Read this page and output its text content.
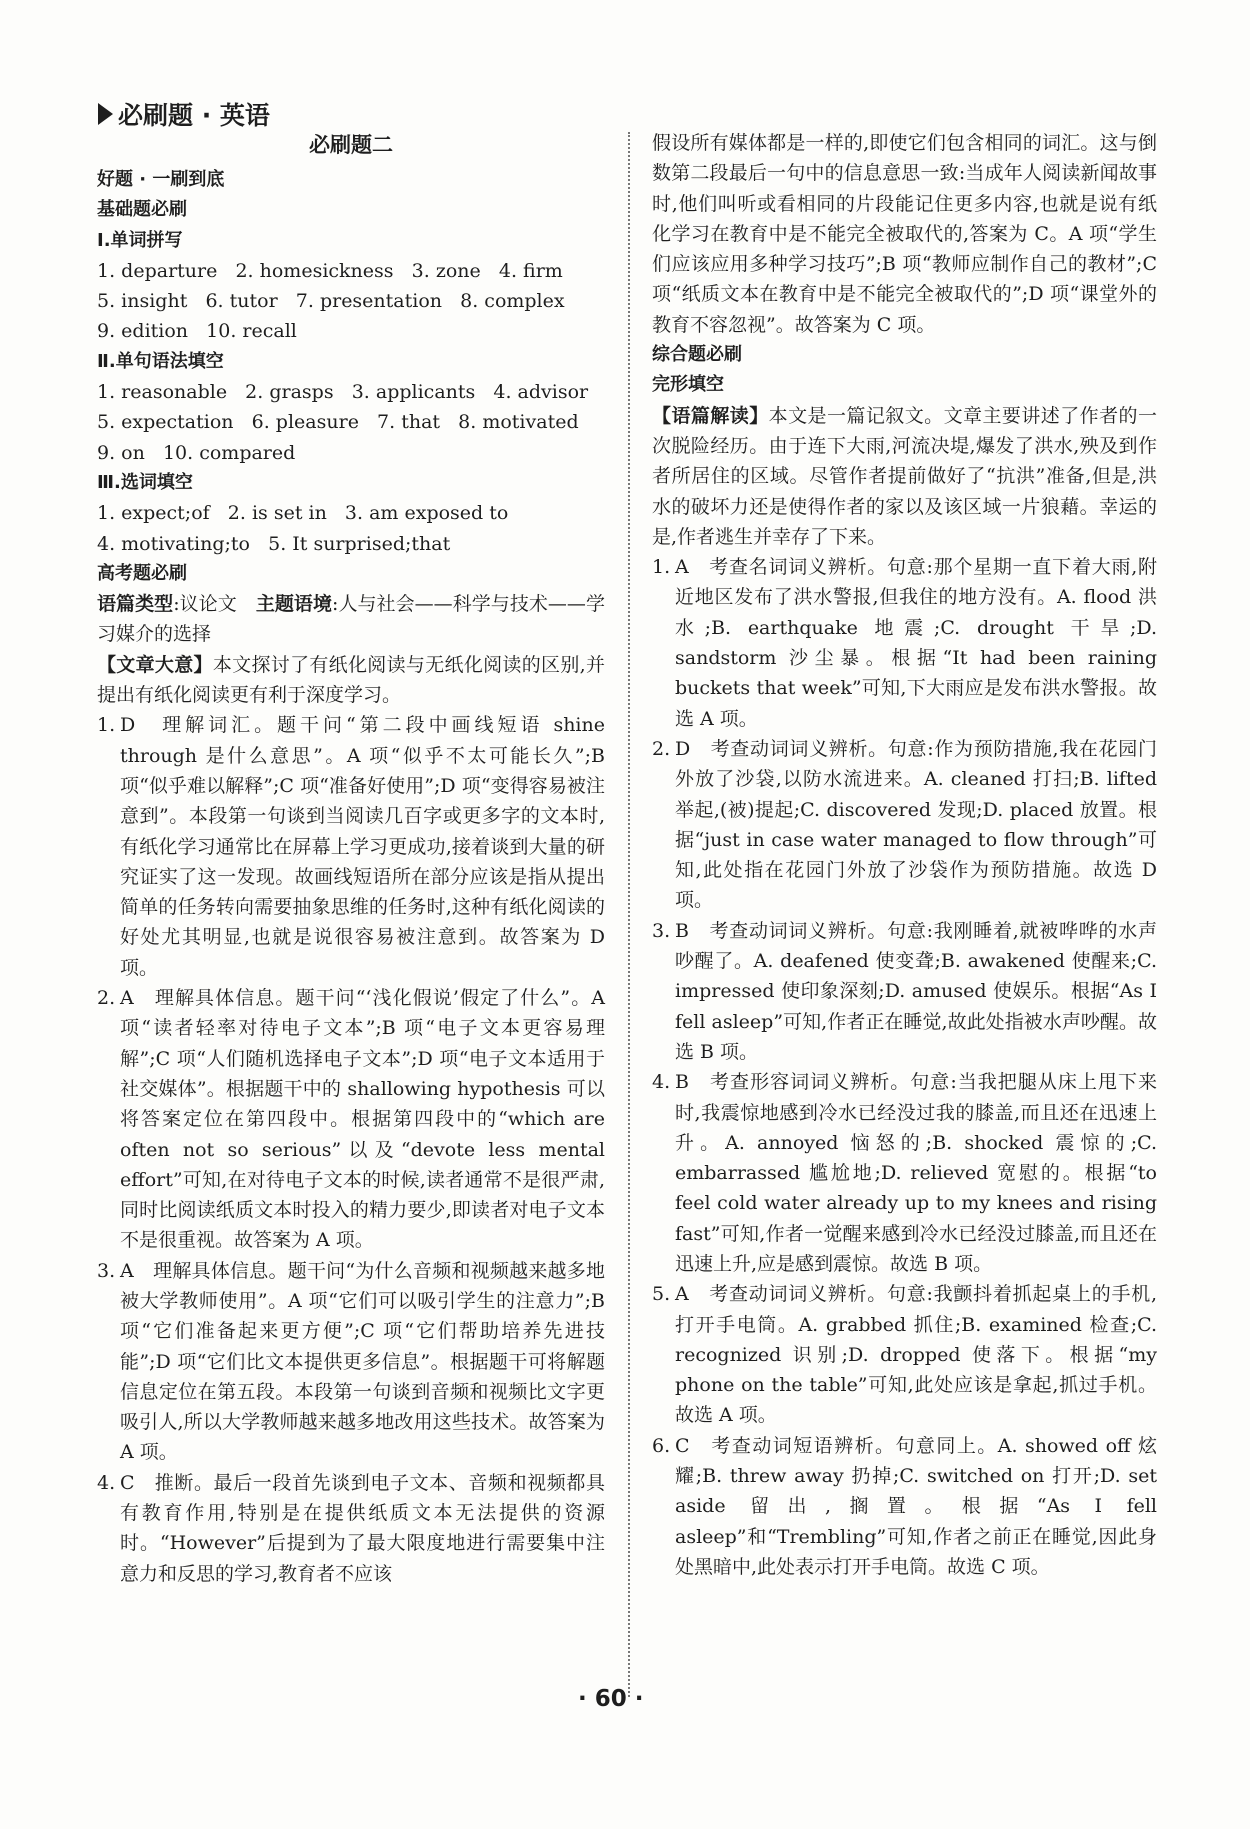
必刷题 · 英语
必刷题二
好题 · 一刷到底
基础题必刷
Ⅰ.单词拼写
1. departure   2. homesickness   3. zone   4. firm
5. insight   6. tutor   7. presentation   8. complex
9. edition   10. recall
Ⅱ.单句语法填空
1. reasonable   2. grasps   3. applicants   4. advisor
5. expectation   6. pleasure   7. that   8. motivated
9. on   10. compared
Ⅲ.选词填空
1. expect;of   2. is set in   3. am exposed to
4. motivating;to   5. It surprised;that
高考题必刷
语篇类型:议论文　 主题语境:人与社会——科学与技术——学习媒介的选择
【文章大意】本文探讨了有纸化阅读与无纸化阅读的区别,并提出有纸化阅读更有利于深度学习。
1. D　理解词汇。题干问“第二段中画线短语 shine through 是什么意思”。A 项“似乎不太可能长久”;B 项“似乎难以解释”;C 项“准备好使用”;D 项“变得容易被注意到”。本段第一句谈到当阅读几百字或更多字的文本时,有纸化学习通常比在屏幕上学习更成功,接着谈到大量的研究证实了这一发现。故画线短语所在部分应该是指从提出简单的任务转向需要抽象思维的任务时,这种有纸化阅读的好处尤其明显,也就是说很容易被注意到。故答案为 D 项。
2. A　理解具体信息。题干问“‘浅化假说’假定了什么”。A 项“读者轻率对待电子文本”;B 项“电子文本更容易理解”;C 项“人们随机选择电子文本”;D 项“电子文本适用于社交媒体”。根据题干中的 shallowing hypothesis 可以将答案定位在第四段中。根据第四段中的“which are often not so serious”以及“devote less mental effort”可知,在对待电子文本的时候,读者通常不是很严肃,同时比阅读纸质文本时投入的精力要少,即读者对电子文本不是很重视。故答案为 A 项。
3. A　理解具体信息。题干问“为什么音频和视频越来越多地被大学教师使用”。A 项“它们可以吸引学生的注意力”;B 项“它们准备起来更方便”;C 项“它们帮助培养先进技能”;D 项“它们比文本提供更多信息”。根据题干可将解题信息定位在第五段。本段第一句谈到音频和视频比文字更吸引人,所以大学教师越来越多地改用这些技术。故答案为 A 项。
4. C　推断。最后一段首先谈到电子文本、音频和视频都具有教育作用,特别是在提供纸质文本无法提供的资源时。“However”后提到为了最大限度地进行需要集中注意力和反思的学习,教育者不应该
假设所有媒体都是一样的,即使它们包含相同的词汇。这与倒数第二段最后一句中的信息意思一致:当成年人阅读新闻故事时,他们叫听或看相同的片段能记住更多内容,也就是说有纸化学习在教育中是不能完全被取代的,答案为 C。A 项“学生们应该应用多种学习技巧”;B 项“教师应制作自己的教材”;C 项“纸质文本在教育中是不能完全被取代的”;D 项“课堂外的教育不容忽视”。故答案为 C 项。
综合题必刷
完形填空
【语篇解读】本文是一篇记叙文。文章主要讲述了作者的一次脱险经历。由于连下大雨,河流决堤,爆发了洪水,殃及到作者所居住的区域。尽管作者提前做好了“抗洪”准备,但是,洪水的破坏力还是使得作者的家以及该区域一片狼藉。幸运的是,作者逃生并幸存了下来。
1. A　考查名词词义辨析。句意:那个星期一直下着大雨,附近地区发布了洪水警报,但我住的地方没有。A. flood 洪水;B. earthquake 地震;C. drought 干旱;D. sandstorm 沙尘暴。根据“It had been raining buckets that week”可知,下大雨应是发布洪水警报。故选 A 项。
2. D　考查动词词义辨析。句意:作为预防措施,我在花园门外放了沙袋,以防水流进来。A. cleaned 打扫;B. lifted 举起,(被)提起;C. discovered 发现;D. placed 放置。根据“just in case water managed to flow through”可知,此处指在花园门外放了沙袋作为预防措施。故选 D 项。
3. B　考查动词词义辨析。句意:我刚睡着,就被哗哗的水声吵醒了。A. deafened 使变聋;B. awakened 使醒来;C. impressed 使印象深刻;D. amused 使娱乐。根据“As I fell asleep”可知,作者正在睡觉,故此处指被水声吵醒。故选 B 项。
4. B　考查形容词词义辨析。句意:当我把腿从床上甩下来时,我震惊地感到冷水已经没过我的膝盖,而且还在迅速上升。A. annoyed 恼怒的;B. shocked 震惊的;C. embarrassed 尴尬地;D. relieved 宽慰的。根据“to feel cold water already up to my knees and rising fast”可知,作者一觉醒来感到冷水已经没过膝盖,而且还在迅速上升,应是感到震惊。故选 B 项。
5. A　考查动词词义辨析。句意:我颤抖着抓起桌上的手机,打开手电筒。A. grabbed 抓住;B. examined 检查;C. recognized 识别;D. dropped 使落下。根据“my phone on the table”可知,此处应该是拿起,抓过手机。故选 A 项。
6. C　考查动词短语辨析。句意同上。A. showed off 炫耀;B. threw away 扔掉;C. switched on 打开;D. set aside 留出,搁置。根据“As I fell asleep”和“Trembling”可知,作者之前正在睡觉,因此身处黑暗中,此处表示打开手电筒。故选 C 项。
· 60 ·
